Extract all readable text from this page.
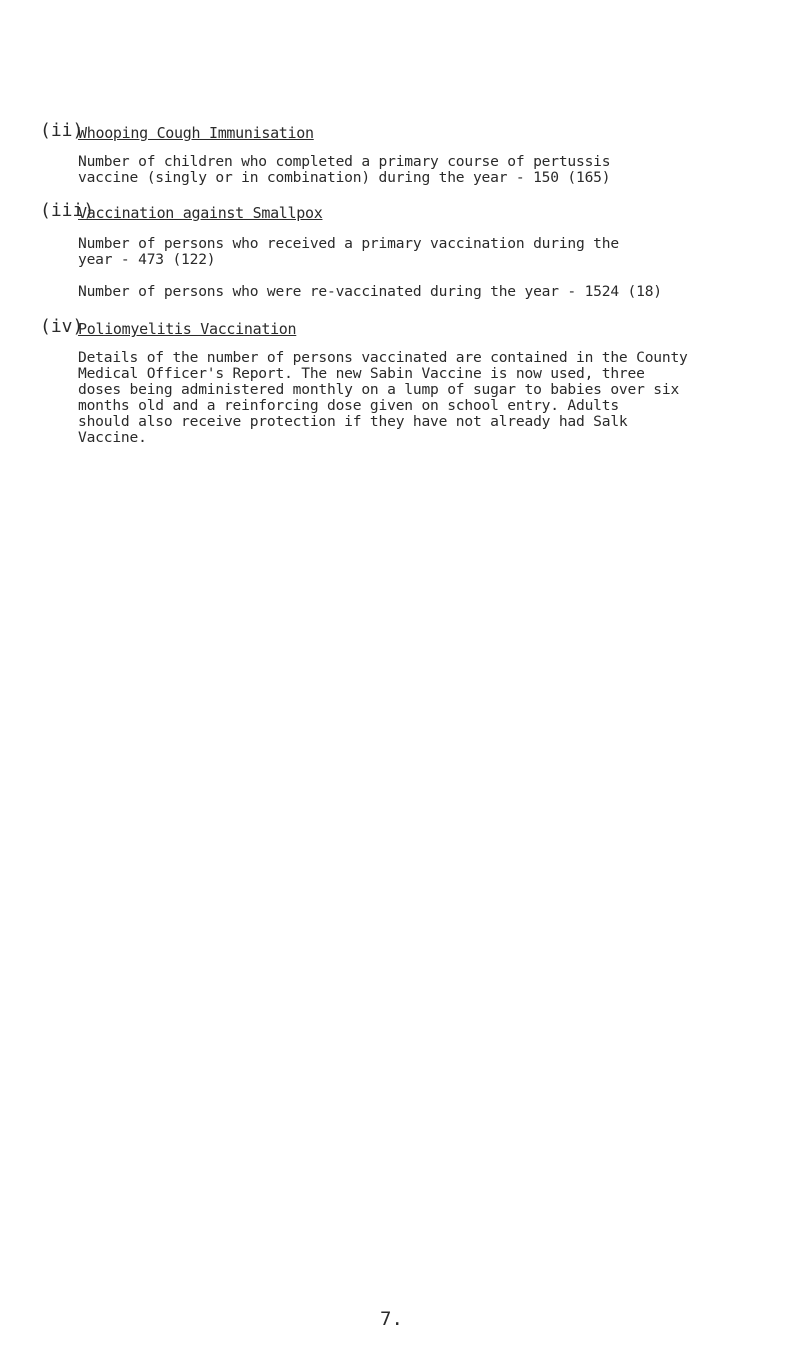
(ii)
Whooping Cough Immunisation

Number of children who completed a primary course of pertussis
vaccine (singly or in combination) during the year - 150 (165)

(iii)
Vaccination against Smallpox

Number of persons who received a primary vaccination during the
year - 473 (122)

Number of persons who were re-vaccinated during the year - 1524 (18)

(iv)
Poliomyelitis Vaccination

Details of the number of persons vaccinated are contained in the County
Medical Officer's Report. The new Sabin Vaccine is now used, three
doses being administered monthly on a lump of sugar to babies over six
months old and a reinforcing dose given on school entry. Adults
should also receive protection if they have not already had Salk
Vaccine.

7.
